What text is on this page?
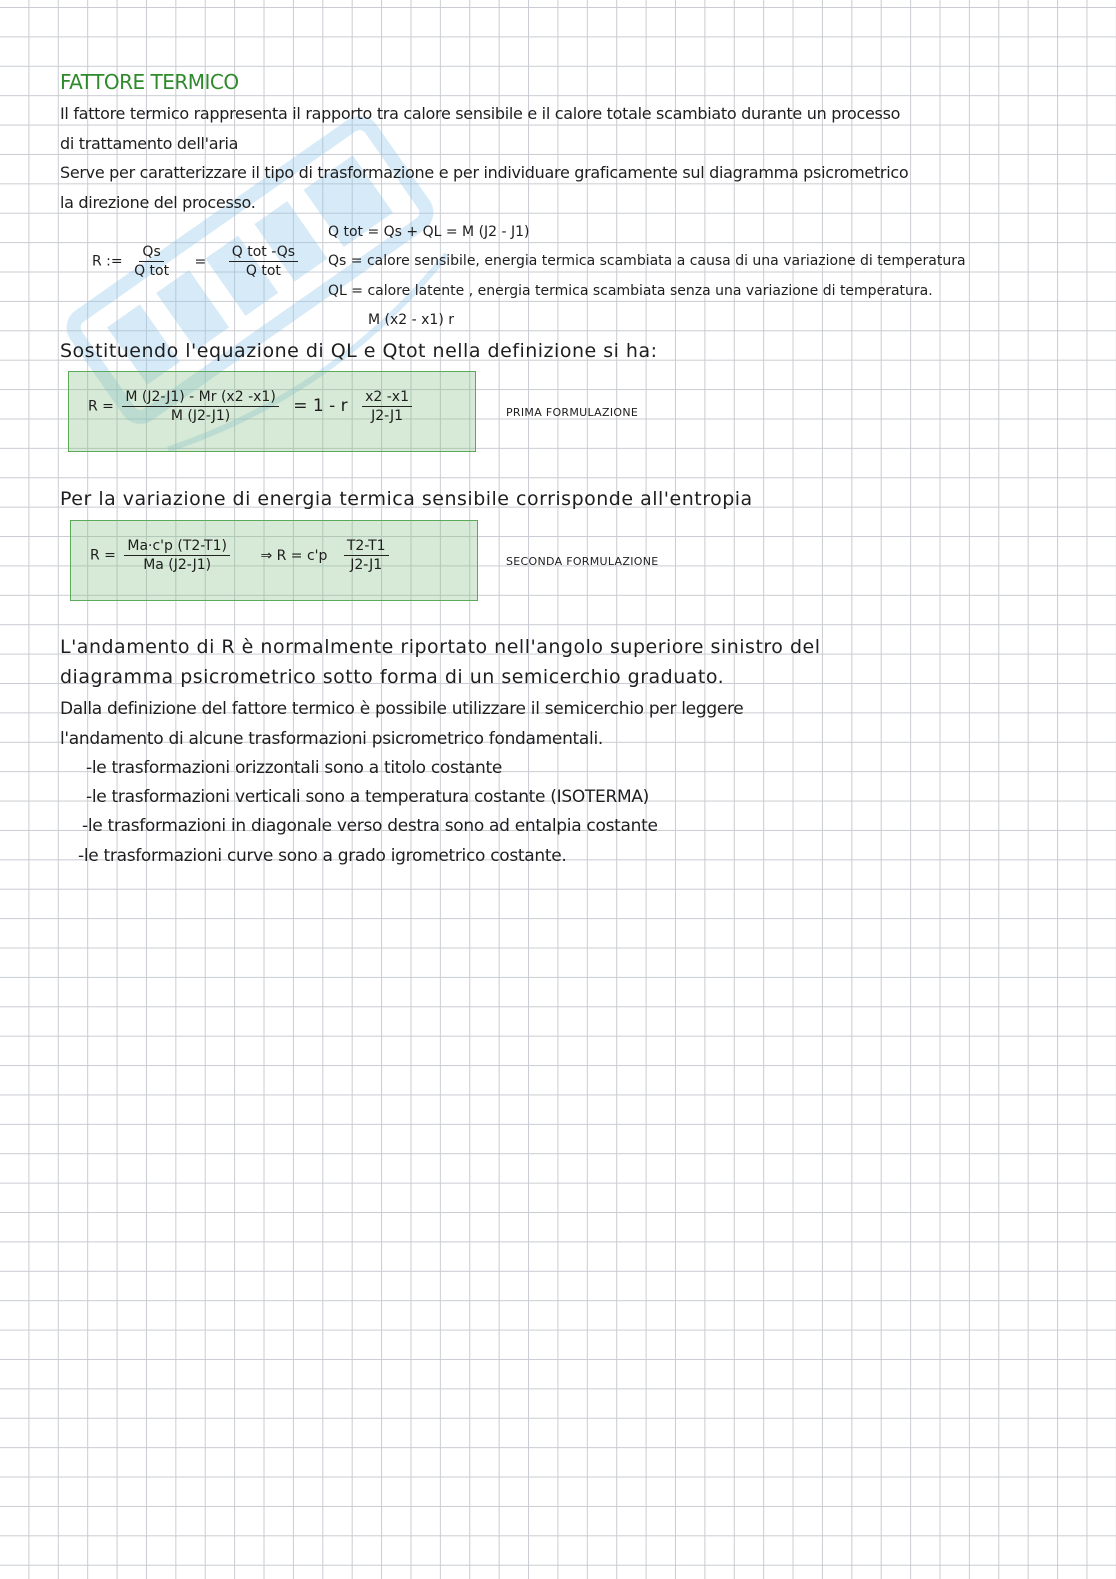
FATTORE TERMICO
Il fattore termico rappresenta il rapporto tra calore sensibile e il calore totale scambiato durante un processo
di trattamento dell'aria
Serve per caratterizzare il tipo di trasformazione e per individuare graficamente sul diagramma psicrometrico
la direzione del processo.
R := $\frac{Qs}{\text{Q tot}} = \frac{\text{Q tot -Qs}}{\text{Q tot}}$
Q tot = Qs + QL = M (J2 - J1)
Qs = calore sensibile, energia termica scambiata a causa di una variazione di temperatura
QL = calore latente , energia termica scambiata senza una variazione di temperatura.
M (x2 - x1) r
Sostituendo l'equazione di QL e Qtot nella definizione si ha:
$R = \frac{M (J2-J1) - Mr (x2 -x1)}{M (J2-J1)} = 1 - r \frac{x2 -x1}{J2-J1}$	PRIMA FORMULAZIONE
Per la variazione di energia termica sensibile corrisponde all'entropia
$R = \frac{Ma\cdot c'p (T2-T1)}{Ma (J2-J1)}$ ⇒ $R = c'p \frac{T2-T1}{J2-J1}$	SECONDA FORMULAZIONE
L'andamento di R è normalmente riportato nell'angolo superiore sinistro del
diagramma psicrometrico sotto forma di un semicerchio graduato.
Dalla definizione del fattore termico è possibile utilizzare il semicerchio per leggere
l'andamento di alcune trasformazioni psicrometrico fondamentali.
-le trasformazioni orizzontali sono a titolo costante
-le trasformazioni verticali sono a temperatura costante (ISOTERMA)
-le trasformazioni in diagonale verso destra sono ad entalpia costante
-le trasformazioni curve sono a grado igrometrico costante.
